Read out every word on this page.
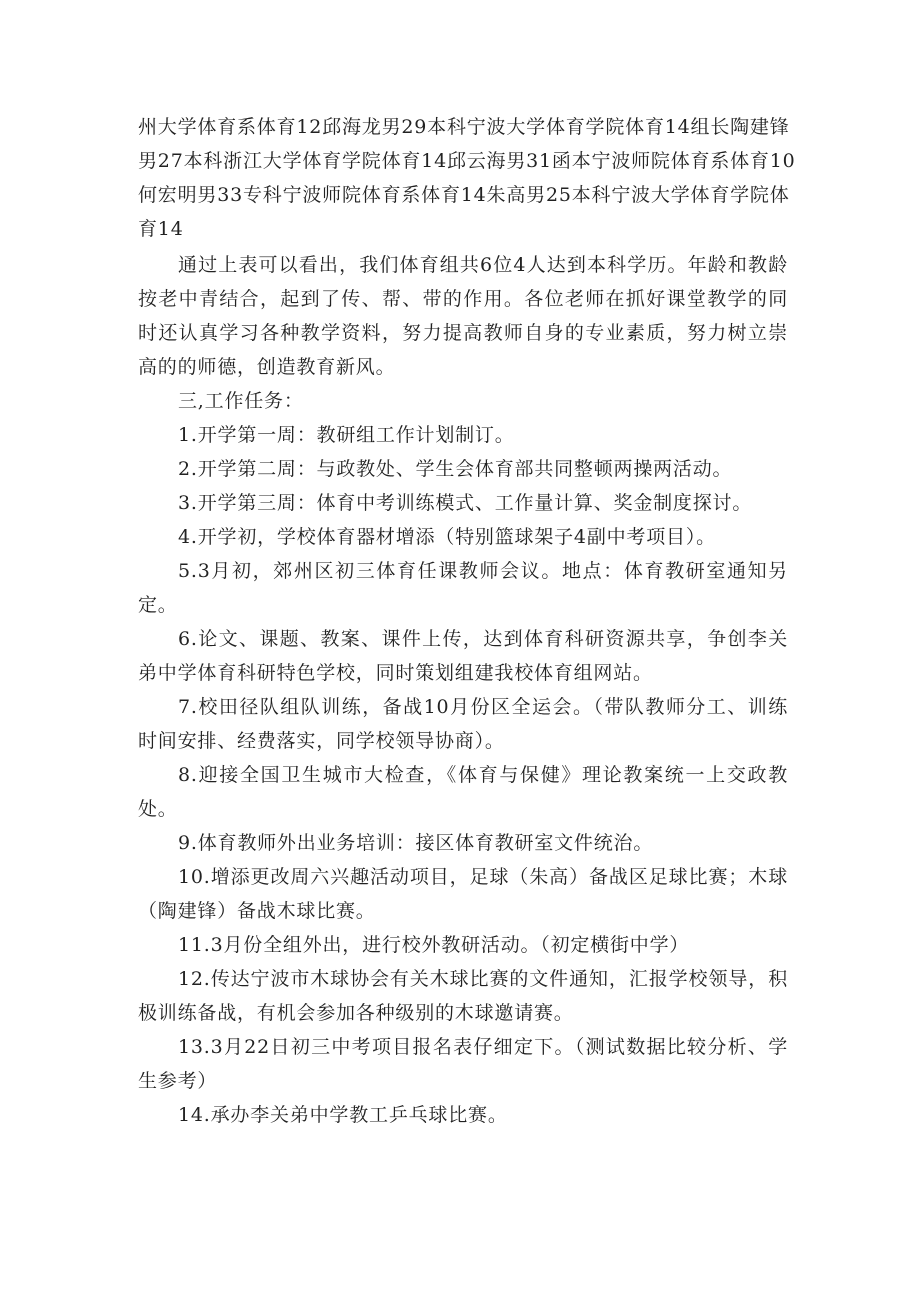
州大学体育系体育12邱海龙男29本科宁波大学体育学院体育14组长陶建锋
男27本科浙江大学体育学院体育14邱云海男31函本宁波师院体育系体育10
何宏明男33专科宁波师院体育系体育14朱高男25本科宁波大学体育学院体
育14

通过上表可以看出，我们体育组共6位4人达到本科学历。年龄和教龄按老中青结合，起到了传、帮、带的作用。各位老师在抓好课堂教学的同时还认真学习各种教学资料，努力提高教师自身的专业素质，努力树立崇高的的师德，创造教育新风。

三,工作任务：

1.开学第一周：教研组工作计划制订。

2.开学第二周：与政教处、学生会体育部共同整顿两操两活动。

3.开学第三周：体育中考训练模式、工作量计算、奖金制度探讨。

4.开学初，学校体育器材增添（特别篮球架子4副中考项目）。

5.3月初，郊州区初三体育任课教师会议。地点：体育教研室通知另定。

6.论文、课题、教案、课件上传，达到体育科研资源共享，争创李关弟中学体育科研特色学校，同时策划组建我校体育组网站。

7.校田径队组队训练，备战10月份区全运会。（带队教师分工、训练时间安排、经费落实，同学校领导协商）。

8.迎接全国卫生城市大检查，《体育与保健》理论教案统一上交政教处。

9.体育教师外出业务培训：接区体育教研室文件统治。

10.增添更改周六兴趣活动项目，足球（朱高）备战区足球比赛；木球（陶建锋）备战木球比赛。

11.3月份全组外出，进行校外教研活动。（初定横街中学）

12.传达宁波市木球协会有关木球比赛的文件通知，汇报学校领导，积极训练备战，有机会参加各种级别的木球邀请赛。

13.3月22日初三中考项目报名表仔细定下。（测试数据比较分析、学生参考）

14.承办李关弟中学教工乒乓球比赛。
